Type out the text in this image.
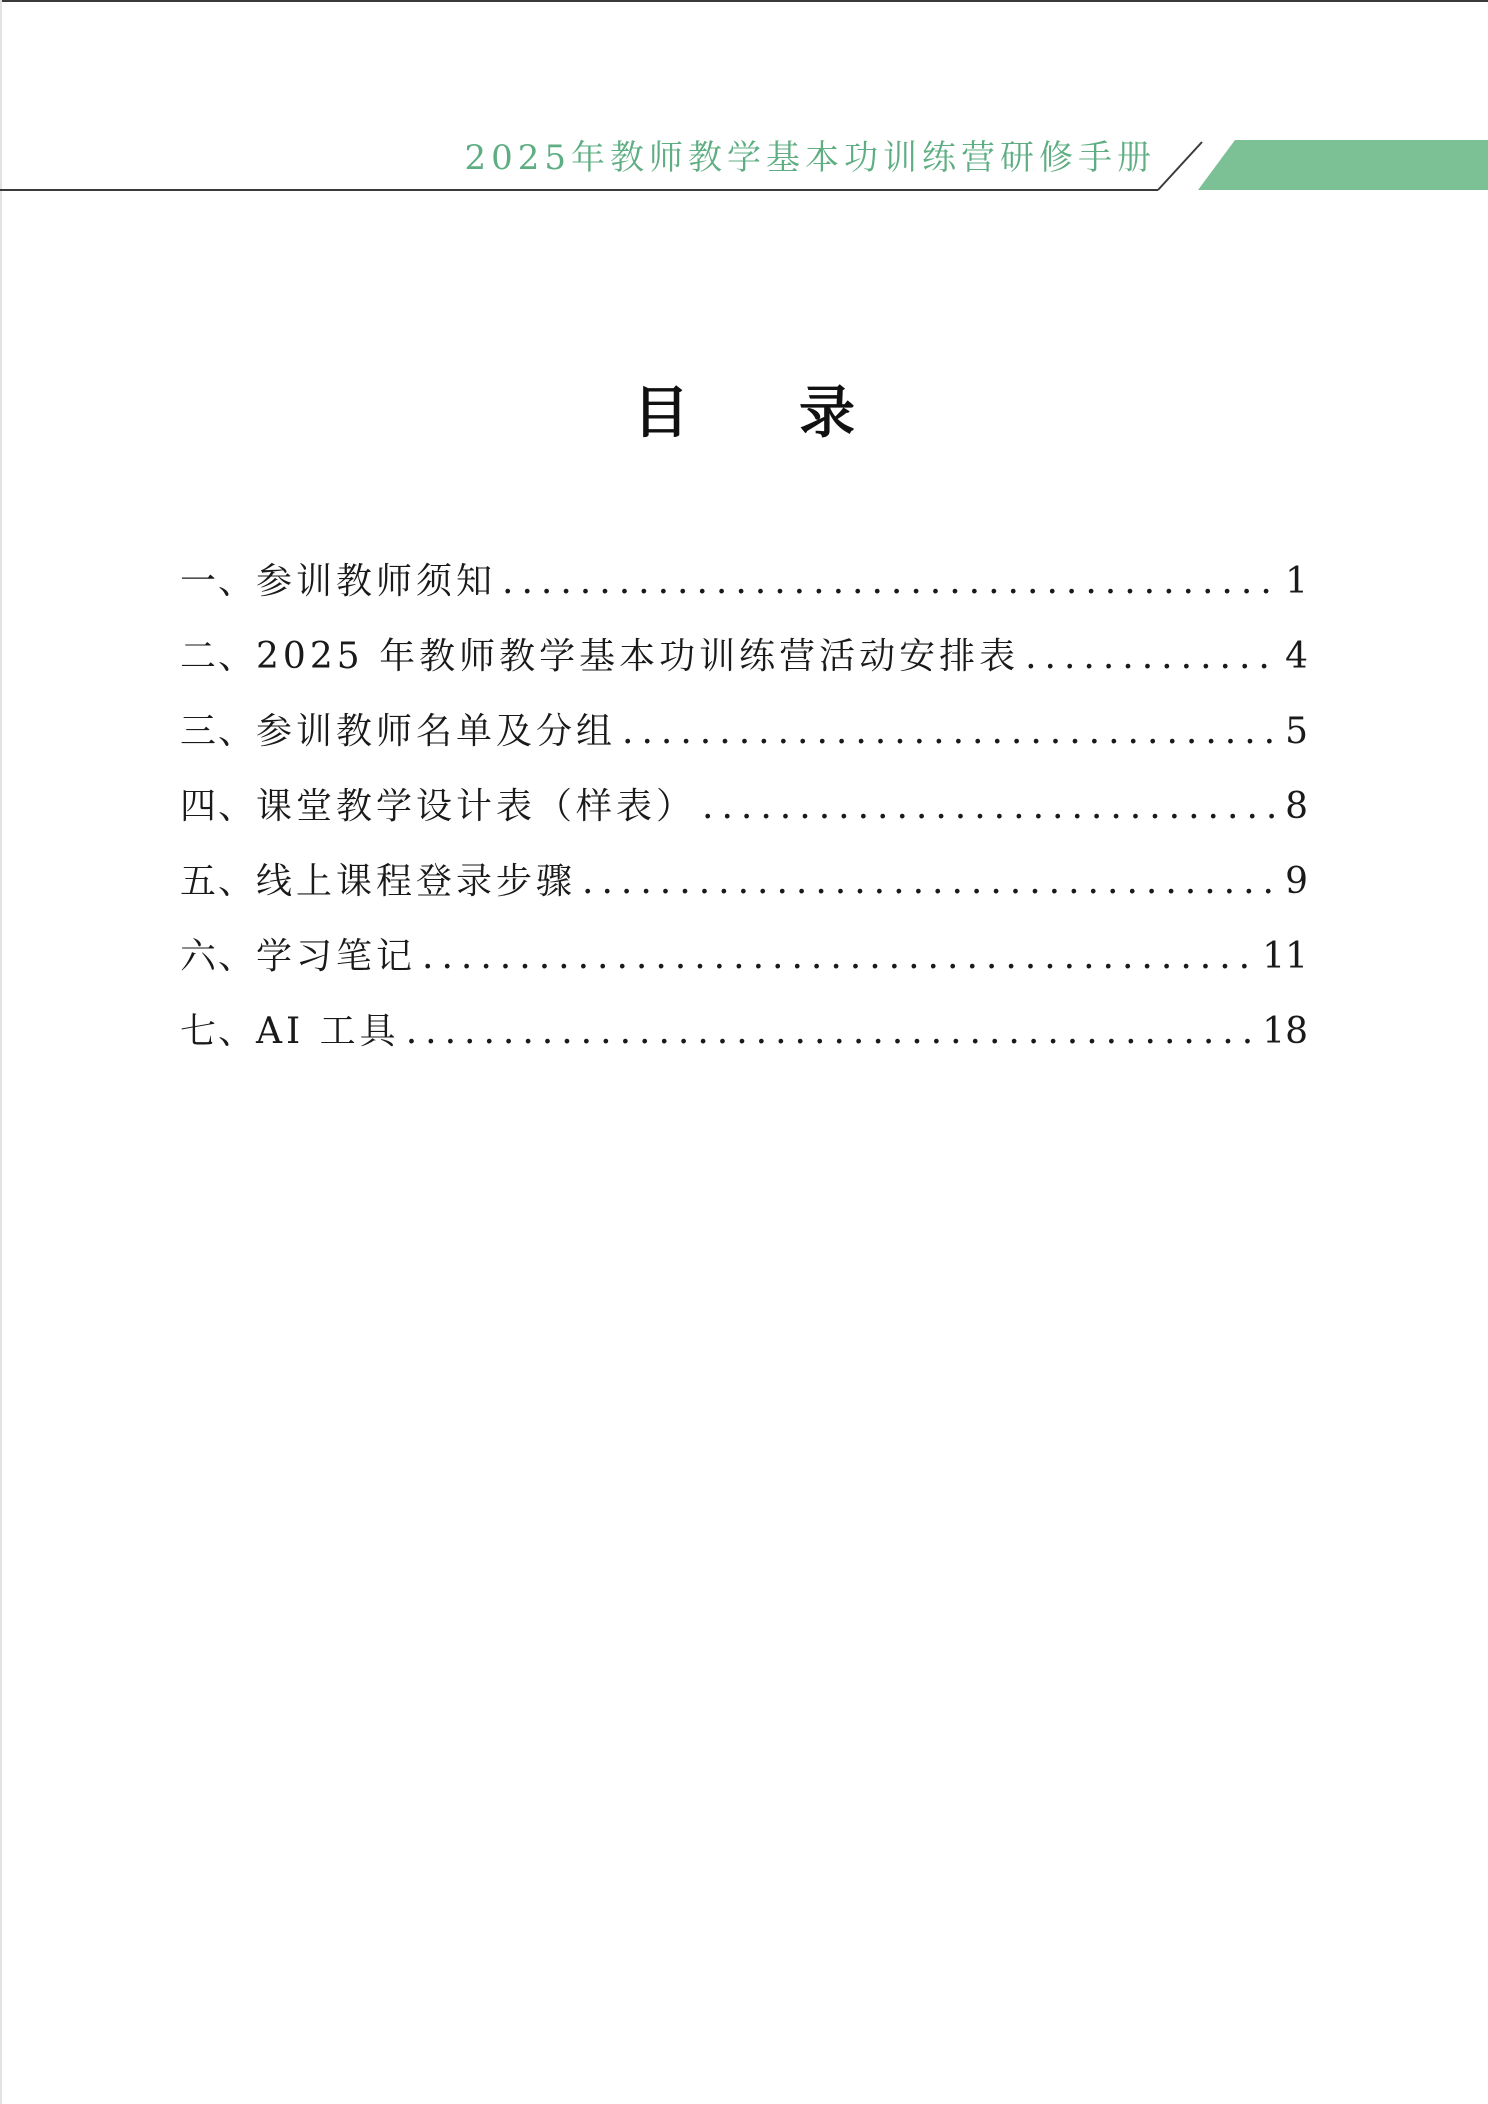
2025年教师教学基本功训练营研修手册
目录
一、 参训教师须知 .....	1
二、 2025 年教师教学基本功训练营活动安排表 .....	4
三、 参训教师名单及分组 .....	5
四、 课堂教学设计表（样表） .....	8
五、 线上课程登录步骤 .....	9
六、 学习笔记 .....	11
七、 AI 工具 .....	18
